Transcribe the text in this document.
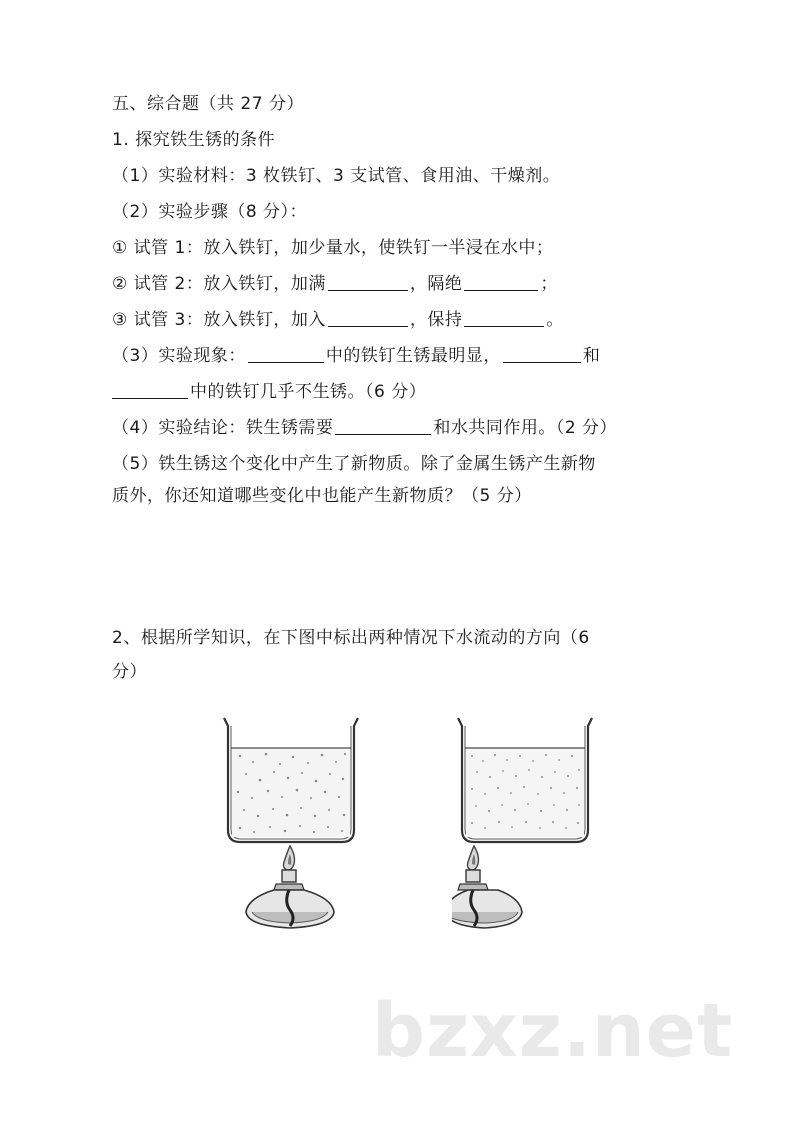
五、综合题（共 27 分）
1. 探究铁生锈的条件
（1）实验材料：3 枚铁钉、3 支试管、食用油、干燥剂。
（2）实验步骤（8 分）：
① 试管 1：放入铁钉，加少量水，使铁钉一半浸在水中；
② 试管 2：放入铁钉，加满	，隔绝	；
③ 试管 3：放入铁钉，加入	，保持	。
（3）实验现象：	中的铁钉生锈最明显，	和
中的铁钉几乎不生锈。（6 分）
（4）实验结论：铁生锈需要	和水共同作用。（2 分）
（5）铁生锈这个变化中产生了新物质。除了金属生锈产生新物
质外，你还知道哪些变化中也能产生新物质？（5 分）
2、根据所学知识，在下图中标出两种情况下水流动的方向（6
分）
bzxz.net
